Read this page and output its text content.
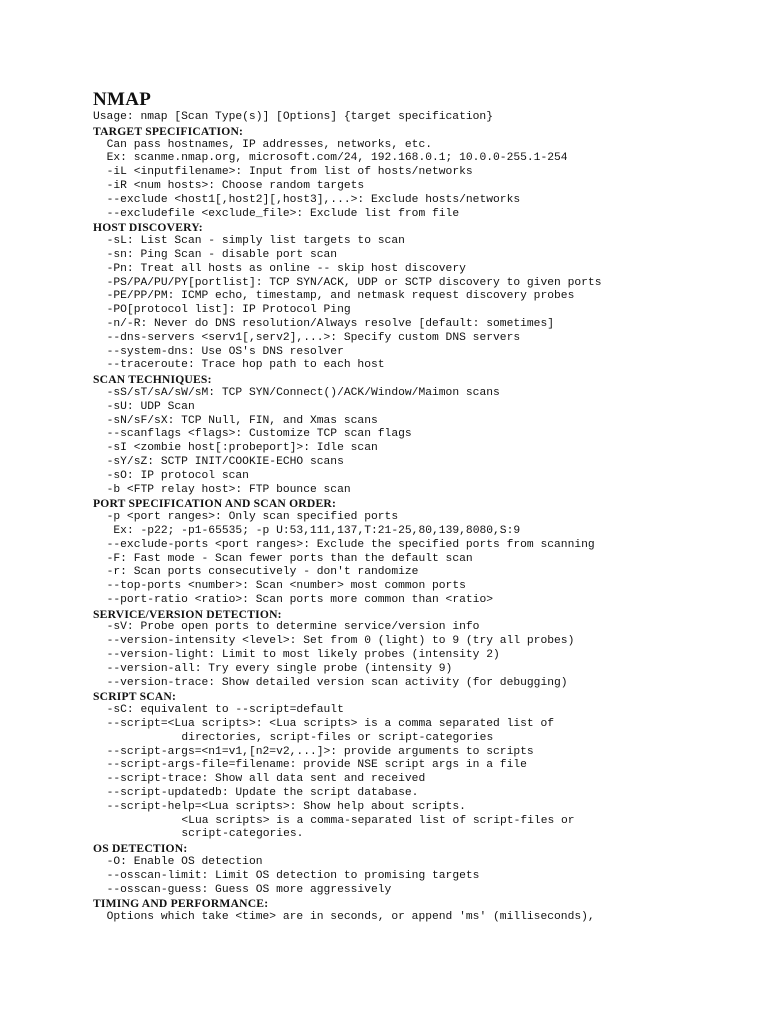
NMAP
Usage: nmap [Scan Type(s)] [Options] {target specification}
TARGET SPECIFICATION:
Can pass hostnames, IP addresses, networks, etc.
Ex: scanme.nmap.org, microsoft.com/24, 192.168.0.1; 10.0.0-255.1-254
-iL <inputfilename>: Input from list of hosts/networks
-iR <num hosts>: Choose random targets
--exclude <host1[,host2][,host3],...>: Exclude hosts/networks
--excludefile <exclude_file>: Exclude list from file
HOST DISCOVERY:
-sL: List Scan - simply list targets to scan
-sn: Ping Scan - disable port scan
-Pn: Treat all hosts as online -- skip host discovery
-PS/PA/PU/PY[portlist]: TCP SYN/ACK, UDP or SCTP discovery to given ports
-PE/PP/PM: ICMP echo, timestamp, and netmask request discovery probes
-PO[protocol list]: IP Protocol Ping
-n/-R: Never do DNS resolution/Always resolve [default: sometimes]
--dns-servers <serv1[,serv2],...>: Specify custom DNS servers
--system-dns: Use OS's DNS resolver
--traceroute: Trace hop path to each host
SCAN TECHNIQUES:
-sS/sT/sA/sW/sM: TCP SYN/Connect()/ACK/Window/Maimon scans
-sU: UDP Scan
-sN/sF/sX: TCP Null, FIN, and Xmas scans
--scanflags <flags>: Customize TCP scan flags
-sI <zombie host[:probeport]>: Idle scan
-sY/sZ: SCTP INIT/COOKIE-ECHO scans
-sO: IP protocol scan
-b <FTP relay host>: FTP bounce scan
PORT SPECIFICATION AND SCAN ORDER:
-p <port ranges>: Only scan specified ports
Ex: -p22; -p1-65535; -p U:53,111,137,T:21-25,80,139,8080,S:9
--exclude-ports <port ranges>: Exclude the specified ports from scanning
-F: Fast mode - Scan fewer ports than the default scan
-r: Scan ports consecutively - don't randomize
--top-ports <number>: Scan <number> most common ports
--port-ratio <ratio>: Scan ports more common than <ratio>
SERVICE/VERSION DETECTION:
-sV: Probe open ports to determine service/version info
--version-intensity <level>: Set from 0 (light) to 9 (try all probes)
--version-light: Limit to most likely probes (intensity 2)
--version-all: Try every single probe (intensity 9)
--version-trace: Show detailed version scan activity (for debugging)
SCRIPT SCAN:
-sC: equivalent to --script=default
--script=<Lua scripts>: <Lua scripts> is a comma separated list of
directories, script-files or script-categories
--script-args=<n1=v1,[n2=v2,...]>: provide arguments to scripts
--script-args-file=filename: provide NSE script args in a file
--script-trace: Show all data sent and received
--script-updatedb: Update the script database.
--script-help=<Lua scripts>: Show help about scripts.
<Lua scripts> is a comma-separated list of script-files or
script-categories.
OS DETECTION:
-O: Enable OS detection
--osscan-limit: Limit OS detection to promising targets
--osscan-guess: Guess OS more aggressively
TIMING AND PERFORMANCE:
Options which take <time> are in seconds, or append 'ms' (milliseconds),
